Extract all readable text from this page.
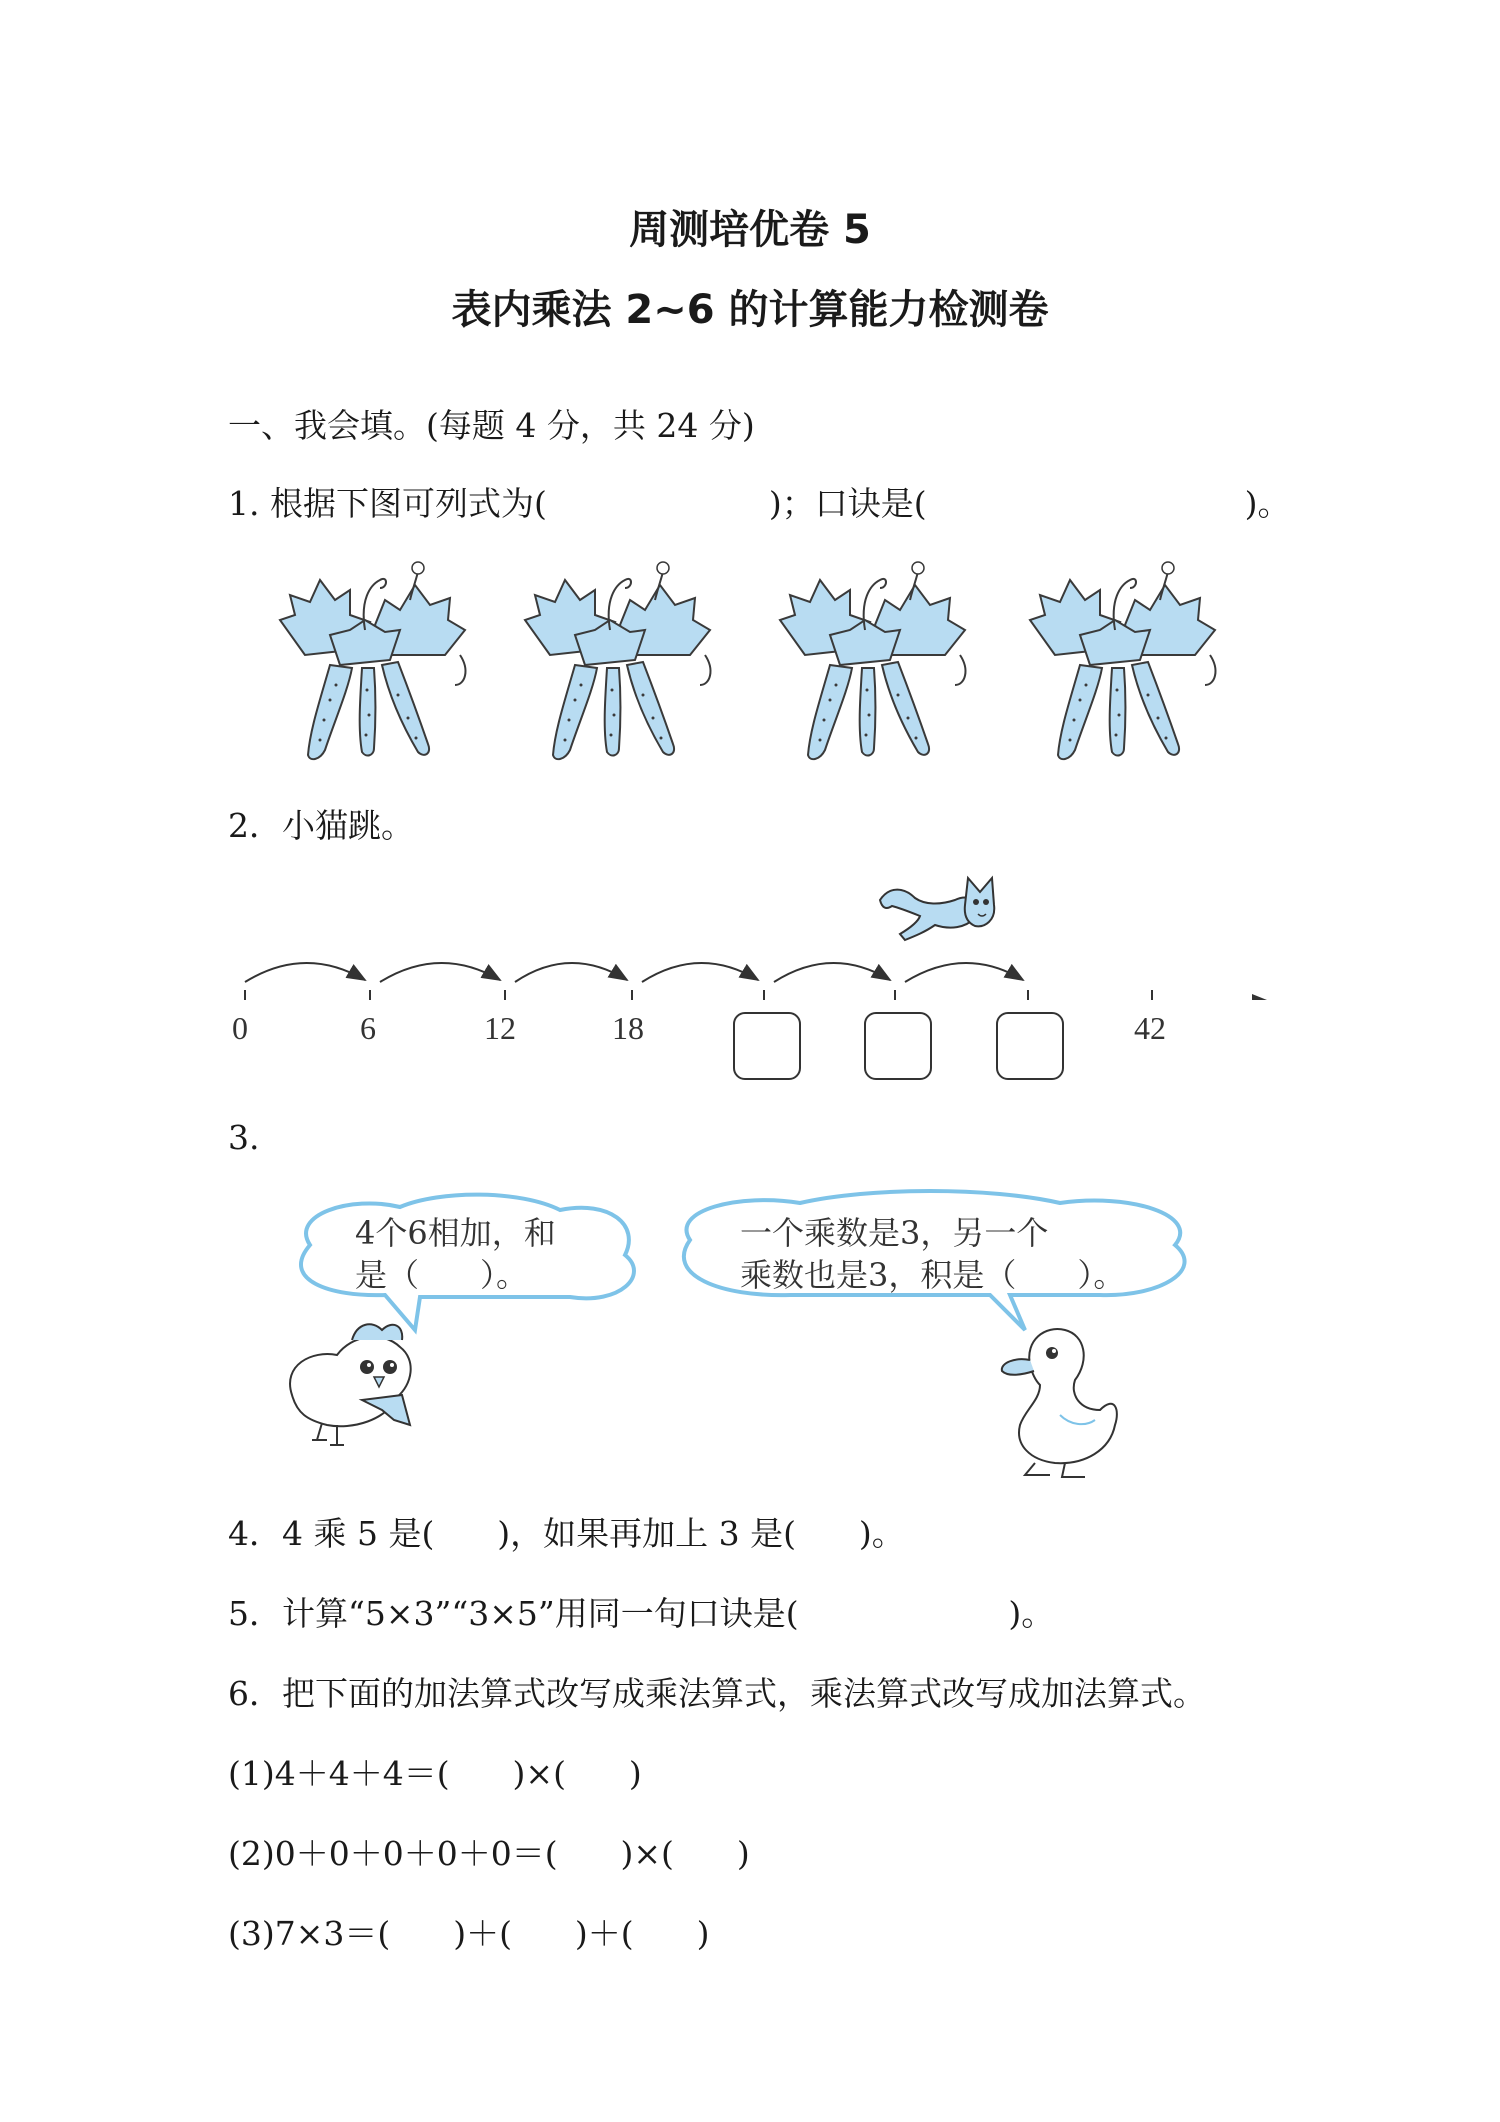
周测培优卷 5
表内乘法 2~6 的计算能力检测卷
一、我会填。(每题 4 分，共 24 分)
1. 根据下图可列式为(	)；口诀是(	)。
2．小猫跳。
0	6	12	18	42
3.
4个6相加，和
是（      ）。
一个乘数是3，另一个
乘数也是3，积是（      ）。
4．4 乘 5 是(      )，如果再加上 3 是(      )。
5．计算“5×3”“3×5”用同一句口诀是(                    )。
6．把下面的加法算式改写成乘法算式，乘法算式改写成加法算式。
(1)4＋4＋4＝(      )×(      )
(2)0＋0＋0＋0＋0＝(      )×(      )
(3)7×3＝(      )＋(      )＋(      )
